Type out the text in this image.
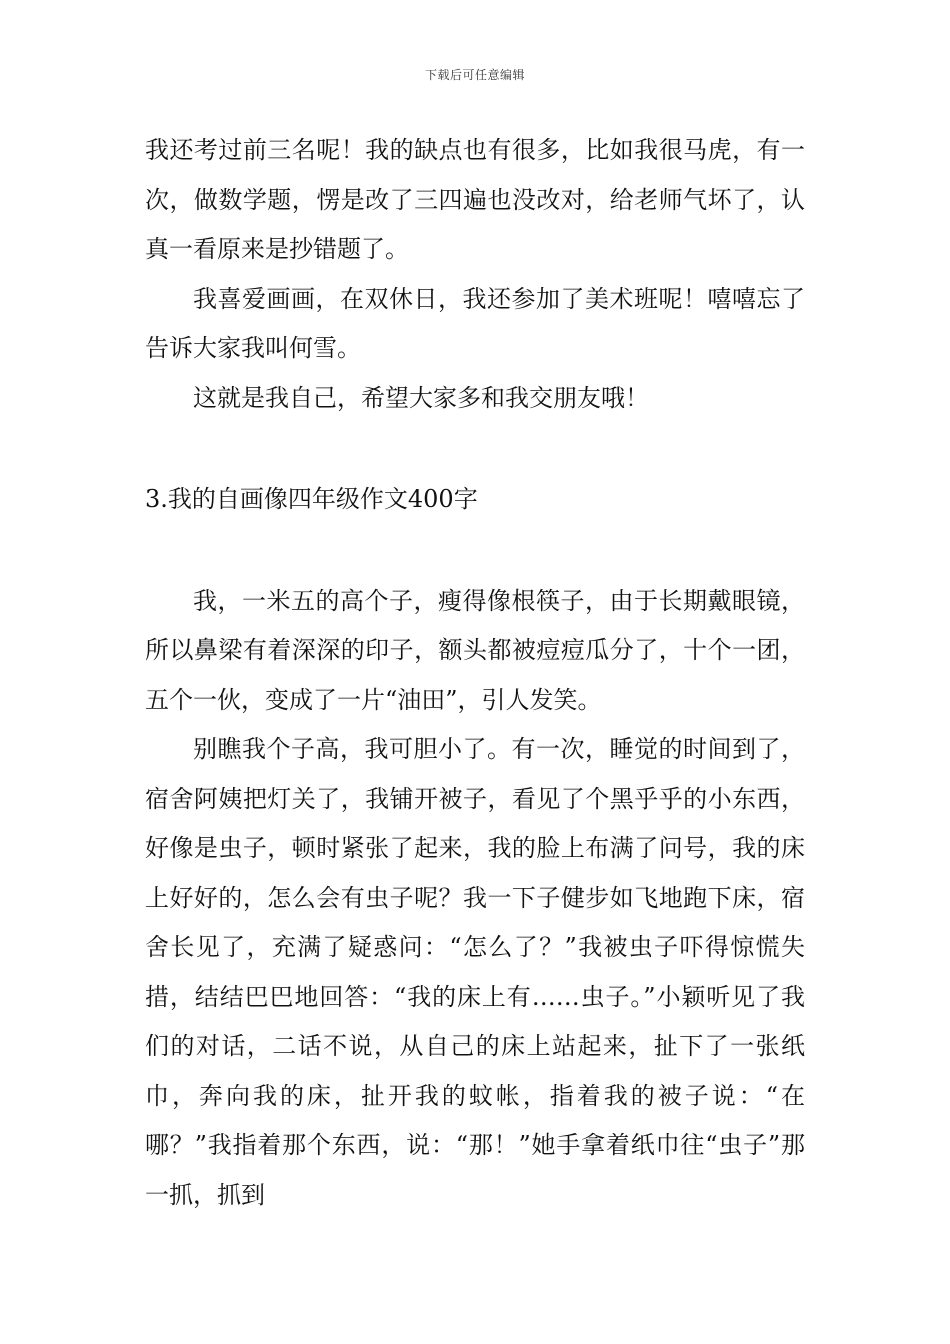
下载后可任意编辑

我还考过前三名呢！我的缺点也有很多，比如我很马虎，有一次，做数学题，愣是改了三四遍也没改对，给老师气坏了，认真一看原来是抄错题了。

我喜爱画画，在双休日，我还参加了美术班呢！嘻嘻忘了告诉大家我叫何雪。

这就是我自己，希望大家多和我交朋友哦！

3.我的自画像四年级作文400字

我，一米五的高个子，瘦得像根筷子，由于长期戴眼镜，所以鼻梁有着深深的印子，额头都被痘痘瓜分了，十个一团，五个一伙，变成了一片“油田”，引人发笑。

别瞧我个子高，我可胆小了。有一次，睡觉的时间到了，宿舍阿姨把灯关了，我铺开被子，看见了个黑乎乎的小东西，好像是虫子，顿时紧张了起来，我的脸上布满了问号，我的床上好好的，怎么会有虫子呢？我一下子健步如飞地跑下床，宿舍长见了，充满了疑惑问：“怎么了？”我被虫子吓得惊慌失措，结结巴巴地回答：“我的床上有……虫子。”小颖听见了我们的对话，二话不说，从自己的床上站起来，扯下了一张纸巾，奔向我的床，扯开我的蚊帐，指着我的被子说：“在哪？”我指着那个东西，说：“那！”她手拿着纸巾往“虫子”那一抓，抓到
